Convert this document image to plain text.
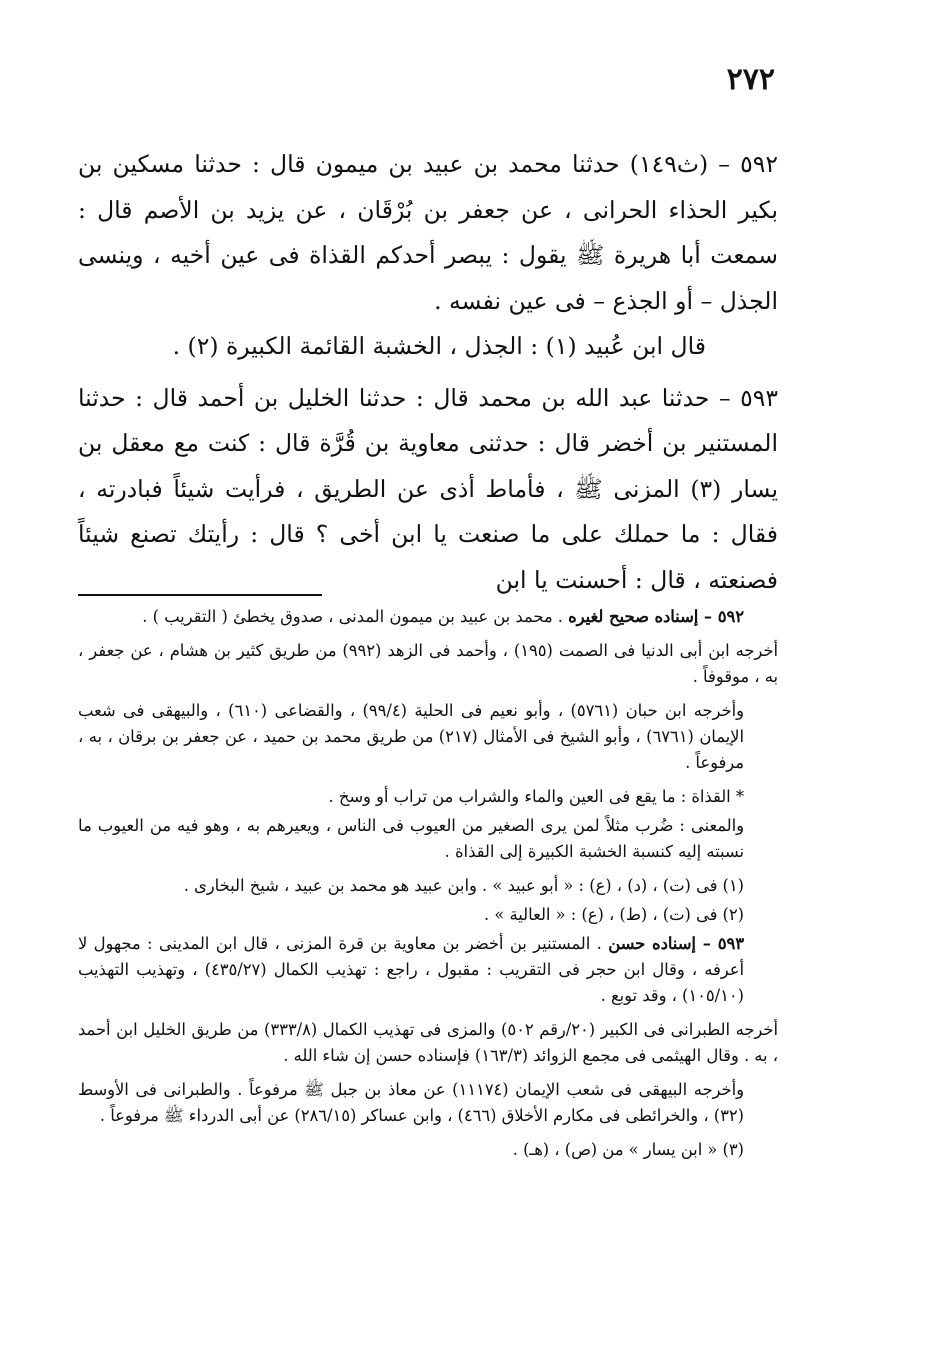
٢٧٢

٥٩٢ – (ث١٤٩) حدثنا محمد بن عبيد بن ميمون قال : حدثنا مسكين بن بكير الحذاء الحرانى ، عن جعفر بن بُرْقَان ، عن يزيد بن الأصم قال : سمعت أبا هريرة ﷺ يقول : يبصر أحدكم القذاة فى عين أخيه ، وينسى الجذل – أو الجذع – فى عين نفسه .

قال ابن عُبيد (١) : الجذل ، الخشبة القائمة الكبيرة (٢) .

٥٩٣ – حدثنا عبد الله بن محمد قال : حدثنا الخليل بن أحمد قال : حدثنا المستنير بن أخضر قال : حدثنى معاوية بن قُرَّة قال : كنت مع معقل بن يسار (٣) المزنى ﷺ ، فأماط أذى عن الطريق ، فرأيت شيئاً فبادرته ، فقال : ما حملك على ما صنعت يا ابن أخى ؟ قال : رأيتك تصنع شيئاً فصنعته ، قال : أحسنت يا ابن

٥٩٢ – إسناده صحيح لغيره . محمد بن عبيد بن ميمون المدنى ، صدوق يخطئ ( التقريب ) .

أخرجه ابن أبى الدنيا فى الصمت (١٩٥) ، وأحمد فى الزهد (٩٩٢) من طريق كثير بن هشام ، عن جعفر ، به ، موقوفاً .

وأخرجه ابن حبان (٥٧٦١) ، وأبو نعيم فى الحلية (٩٩/٤) ، والقضاعى (٦١٠) ، والبيهقى فى شعب الإيمان (٦٧٦١) ، وأبو الشيخ فى الأمثال (٢١٧) من طريق محمد بن حميد ، عن جعفر بن برقان ، به ، مرفوعاً .

* القذاة : ما يقع فى العين والماء والشراب من تراب أو وسخ .

والمعنى : ضُرب مثلاً لمن يرى الصغير من العيوب فى الناس ، ويعيرهم به ، وهو فيه من العيوب ما نسبته إليه كنسبة الخشبة الكبيرة إلى القذاة .

(١) فى (ت) ، (د) ، (ع) : « أبو عبيد » . وابن عبيد هو محمد بن عبيد ، شيخ البخارى .

(٢) فى (ت) ، (ط) ، (ع) : « العالية » .

٥٩٣ – إسناده حسن . المستنير بن أخضر بن معاوية بن قرة المزنى ، قال ابن المدينى : مجهول لا أعرفه ، وقال ابن حجر فى التقريب : مقبول ، راجع : تهذيب الكمال (٤٣٥/٢٧) ، وتهذيب التهذيب (١٠٥/١٠) ، وقد توبع .

أخرجه الطبرانى فى الكبير (٢٠/رقم ٥٠٢) والمزى فى تهذيب الكمال (٣٣٣/٨) من طريق الخليل ابن أحمد ، به . وقال الهيثمى فى مجمع الزوائد (١٦٣/٣) فإسناده حسن إن شاء الله .

وأخرجه البيهقى فى شعب الإيمان (١١١٧٤) عن معاذ بن جبل ﷺ مرفوعاً . والطبرانى فى الأوسط (٣٢) ، والخرائطى فى مكارم الأخلاق (٤٦٦) ، وابن عساكر (٢٨٦/١٥) عن أبى الدرداء ﷺ مرفوعاً .

(٣) « ابن يسار » من (ص) ، (هـ) .
